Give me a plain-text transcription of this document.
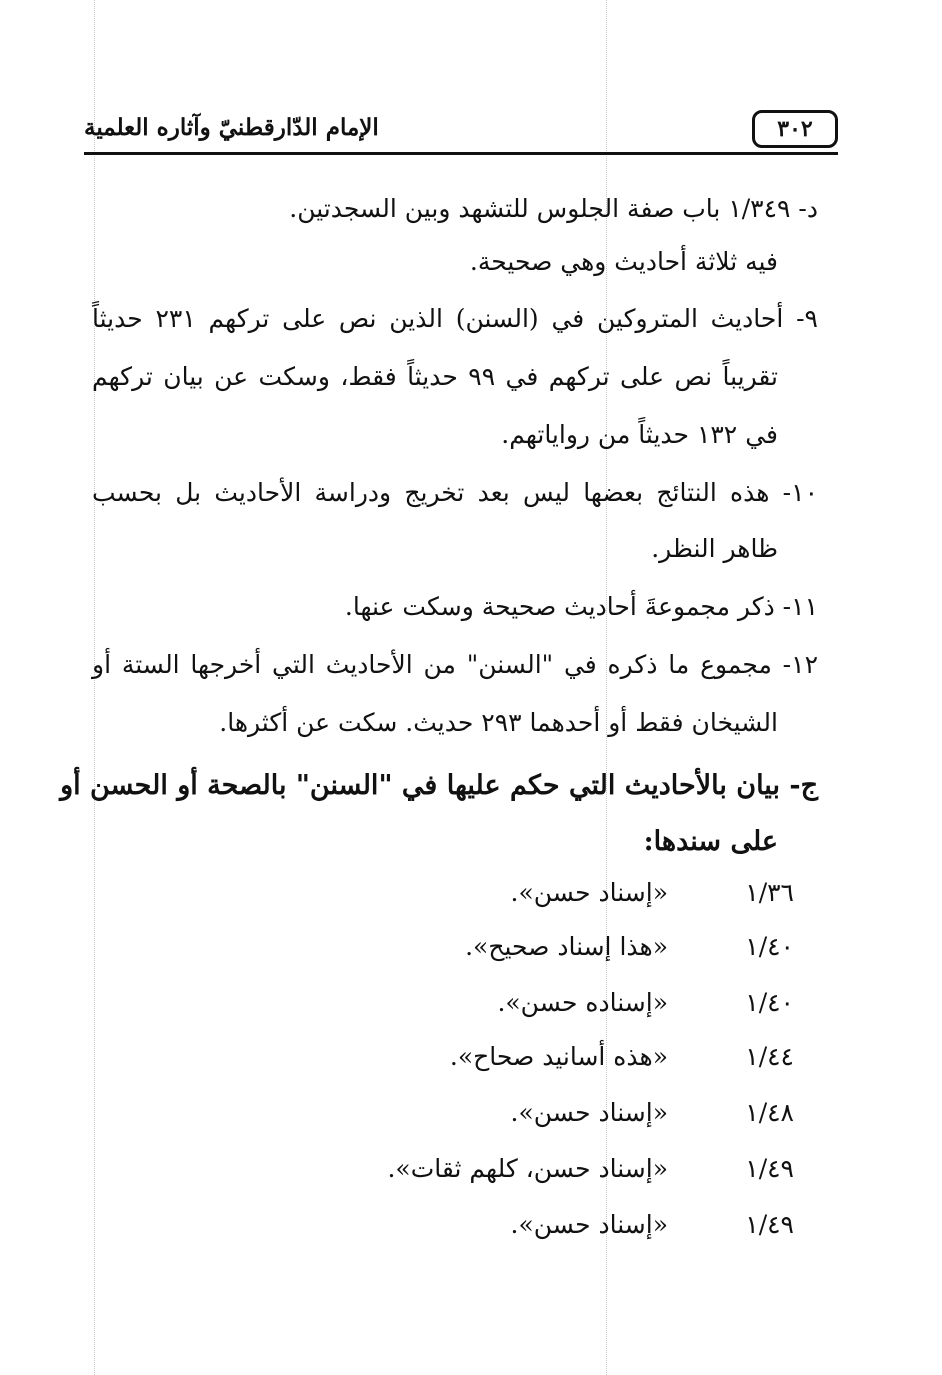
الإمام الدّارقطنيّ وآثاره العلمية	٣٠٢
د- ١/٣٤٩ باب صفة الجلوس للتشهد وبين السجدتين.
فيه ثلاثة أحاديث وهي صحيحة.
٩- أحاديث المتروكين في (السنن) الذين نص على تركهم ٢٣١ حديثاً
تقريباً نص على تركهم في ٩٩ حديثاً فقط، وسكت عن بيان تركهم
في ١٣٢ حديثاً من رواياتهم.
١٠- هذه النتائج بعضها ليس بعد تخريج ودراسة الأحاديث بل بحسب
ظاهر النظر.
١١- ذكر مجموعةَ أحاديث صحيحة وسكت عنها.
١٢- مجموع ما ذكره في "السنن" من الأحاديث التي أخرجها الستة أو
الشيخان فقط أو أحدهما ٢٩٣ حديث. سكت عن أكثرها.
ج- بيان بالأحاديث التي حكم عليها في "السنن" بالصحة أو الحسن أو
على سندها:
١/٣٦
«إسناد حسن».
١/٤٠
«هذا إسناد صحيح».
١/٤٠
«إسناده حسن».
١/٤٤
«هذه أسانيد صحاح».
١/٤٨
«إسناد حسن».
١/٤٩
«إسناد حسن، كلهم ثقات».
١/٤٩
«إسناد حسن».
